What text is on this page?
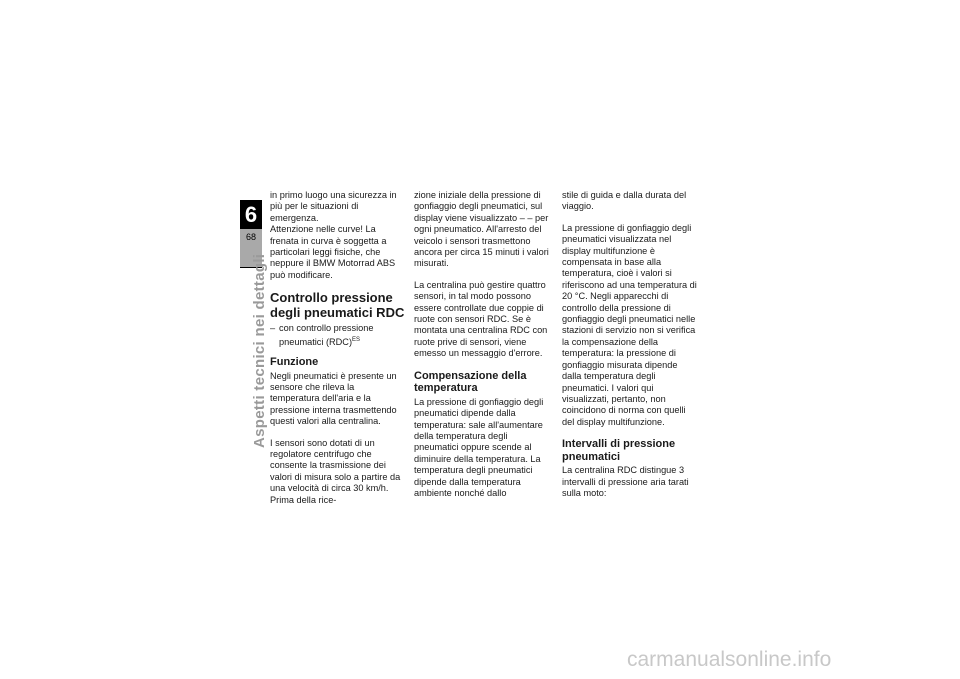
6
68
Aspetti tecnici nei dettagli

in primo luogo una sicurezza in più per le situazioni di emergenza.

Attenzione nelle curve! La frenata in curva è soggetta a particolari leggi fisiche, che neppure il BMW Motorrad ABS può modificare.

Controllo pressione degli pneumatici RDC
– con controllo pressione pneumatici (RDC)$^{ES}$
Funzione

Negli pneumatici è presente un sensore che rileva la temperatura dell'aria e la pressione interna trasmettendo questi valori alla centralina.

I sensori sono dotati di un regolatore centrifugo che consente la trasmissione dei valori di misura solo a partire da una velocità di circa 30 km/h. Prima della rice-

zione iniziale della pressione di gonfiaggio degli pneumatici, sul display viene visualizzato – – per ogni pneumatico. All'arresto del veicolo i sensori trasmettono ancora per circa 15 minuti i valori misurati.

La centralina può gestire quattro sensori, in tal modo possono essere controllate due coppie di ruote con sensori RDC. Se è montata una centralina RDC con ruote prive di sensori, viene emesso un messaggio d'errore.

Compensazione della temperatura

La pressione di gonfiaggio degli pneumatici dipende dalla temperatura: sale all'aumentare della temperatura degli pneumatici oppure scende al diminuire della temperatura. La temperatura degli pneumatici dipende dalla temperatura ambiente nonché dallo

stile di guida e dalla durata del viaggio.

La pressione di gonfiaggio degli pneumatici visualizzata nel display multifunzione è compensata in base alla temperatura, cioè i valori si riferiscono ad una temperatura di 20 °C. Negli apparecchi di controllo della pressione di gonfiaggio degli pneumatici nelle stazioni di servizio non si verifica la compensazione della temperatura: la pressione di gonfiaggio misurata dipende dalla temperatura degli pneumatici. I valori qui visualizzati, pertanto, non coincidono di norma con quelli del display multifunzione.

Intervalli di pressione pneumatici

La centralina RDC distingue 3 intervalli di pressione aria tarati sulla moto:

carmanualsonline.info
